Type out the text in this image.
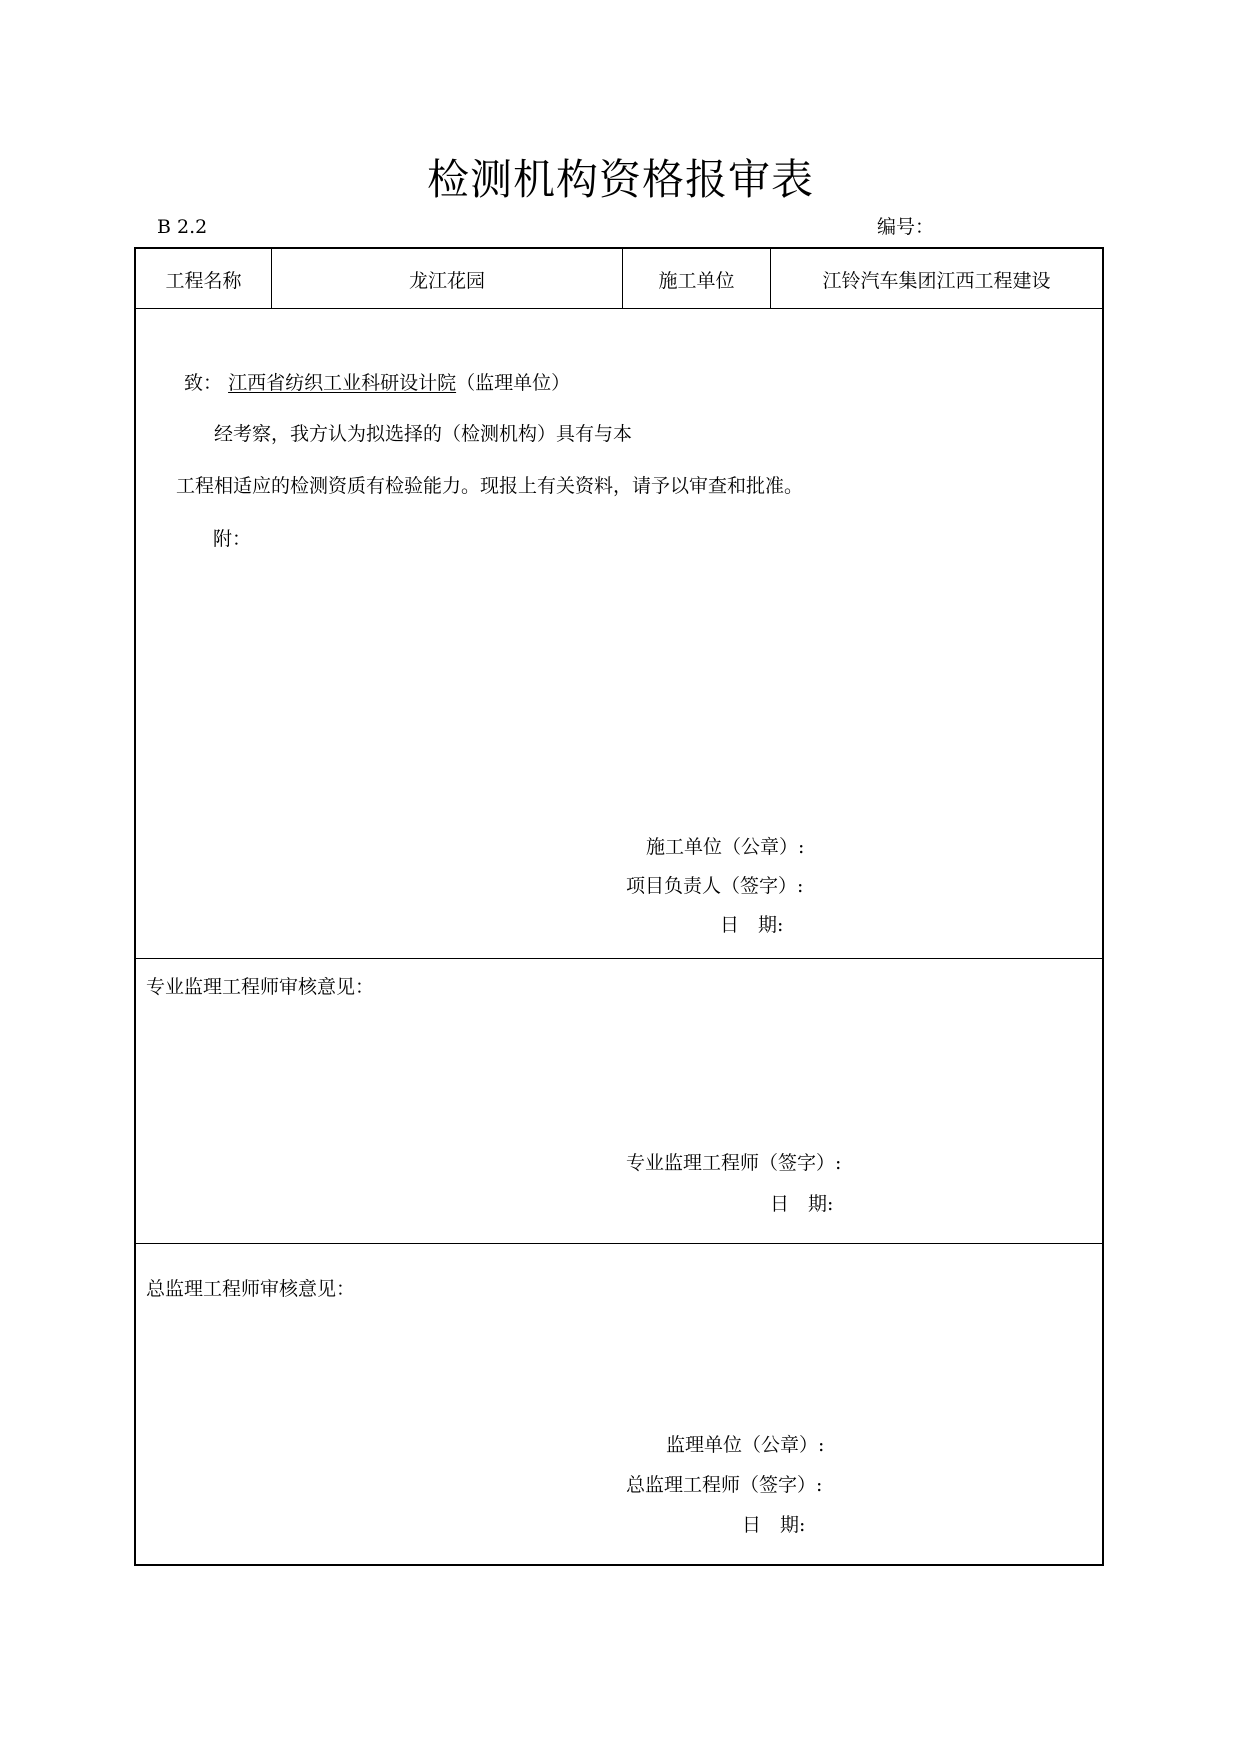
检测机构资格报审表
B 2.2	编号：
工程名称	龙江花园	施工单位	江铃汽车集团江西工程建设
致： 江西省纺织工业科研设计院（监理单位）
经考察，我方认为拟选择的（检测机构）具有与本
工程相适应的检测资质有检验能力。现报上有关资料，请予以审查和批准。
附：
施工单位（公章）:
项目负责人（签字）:
日　期:
专业监理工程师审核意见：
专业监理工程师（签字）:
日　期:
总监理工程师审核意见：
监理单位（公章）:
总监理工程师（签字）:
日　期:
